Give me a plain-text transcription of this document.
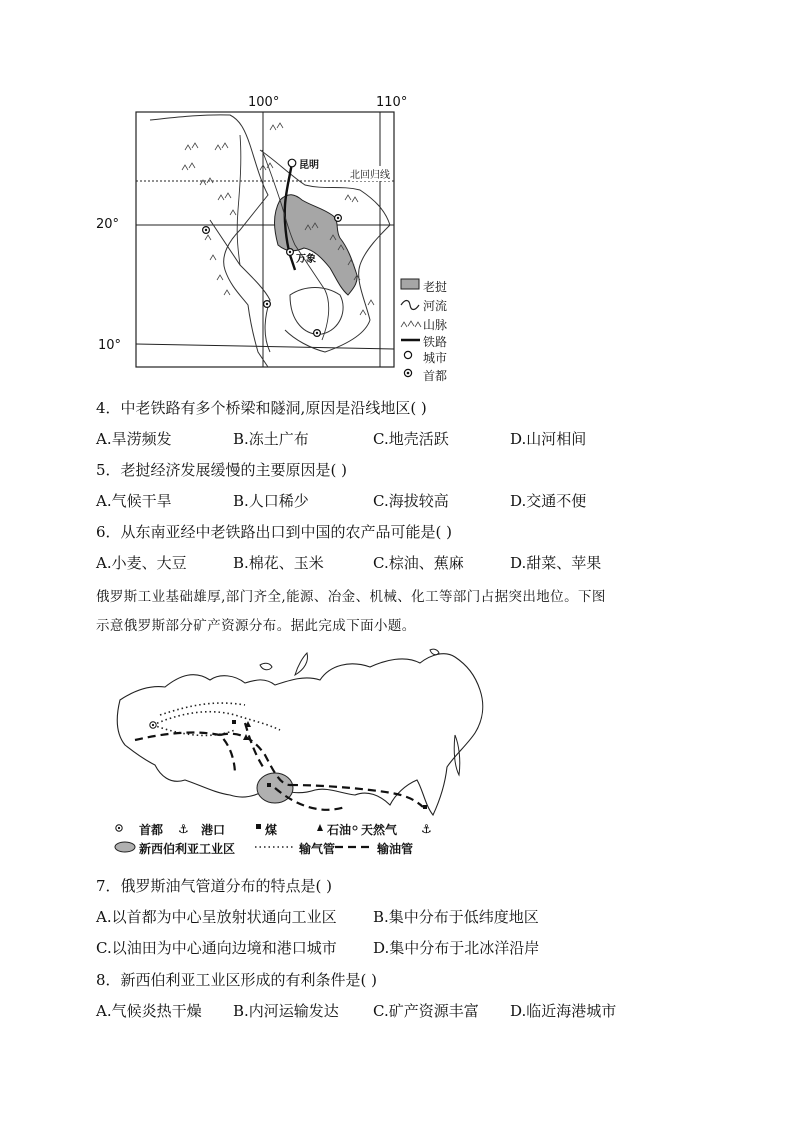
100°	110°
20°
10°
北回归线
昆明
万象
老挝
河流
山脉
铁路
城市
首都
4．中老铁路有多个桥梁和隧洞,原因是沿线地区( )
A.旱涝频发	B.冻土广布	C.地壳活跃	D.山河相间
5．老挝经济发展缓慢的主要原因是( )
A.气候干旱	B.人口稀少	C.海拔较高	D.交通不便
6．从东南亚经中老铁路出口到中国的农产品可能是( )
A.小麦、大豆	B.棉花、玉米	C.棕油、蕉麻	D.甜菜、苹果
俄罗斯工业基础雄厚,部门齐全,能源、冶金、机械、化工等部门占据突出地位。下图
示意俄罗斯部分矿产资源分布。据此完成下面小题。
⚓
⚓
首都	港口	煤	石油 天然气
新西伯利亚工业区	输气管	输油管
7．俄罗斯油气管道分布的特点是( )
A.以首都为中心呈放射状通向工业区 B.集中分布于低纬度地区
C.以油田为中心通向边境和港口城市 D.集中分布于北冰洋沿岸
8．新西伯利亚工业区形成的有利条件是( )
A.气候炎热干燥 B.内河运输发达 C.矿产资源丰富 D.临近海港城市
